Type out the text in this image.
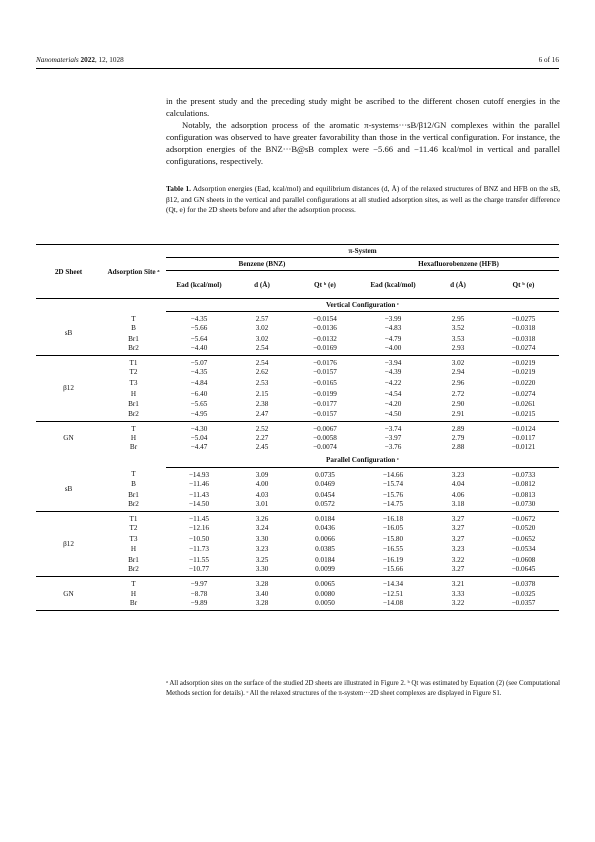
Nanomaterials 2022, 12, 1028	6 of 16

in the present study and the preceding study might be ascribed to the different chosen cutoff energies in the calculations.

Notably, the adsorption process of the aromatic π-systems···sB/β12/GN complexes within the parallel configuration was observed to have greater favorability than those in the vertical configuration. For instance, the adsorption energies of the BNZ···B@sB complex were −5.66 and −11.46 kcal/mol in vertical and parallel configurations, respectively.

Table 1. Adsorption energies (Ead, kcal/mol) and equilibrium distances (d, Å) of the relaxed structures of BNZ and HFB on the sB, β12, and GN sheets in the vertical and parallel configurations at all studied adsorption sites, as well as the charge transfer difference (Qt, e) for the 2D sheets before and after the adsorption process.
2D Sheet	Adsorption Site ᵃ	π-System					
		Benzene (BNZ)			Hexafluorobenzene (HFB)		
		Ead (kcal/mol)	d (Å)	Qt ᵇ (e)	Ead (kcal/mol)	d (Å)	Qt ᵇ (e)
		Vertical Configuration ᶜ					
sB	T	−4.35	2.57	−0.0154	−3.99	2.95	−0.0275
	B	−5.66	3.02	−0.0136	−4.83	3.52	−0.0318
	Br1	−5.64	3.02	−0.0132	−4.79	3.53	−0.0318
	Br2	−4.40	2.54	−0.0169	−4.00	2.93	−0.0274
β12	T1	−5.07	2.54	−0.0176	−3.94	3.02	−0.0219
	T2	−4.35	2.62	−0.0157	−4.39	2.94	−0.0219
	T3	−4.84	2.53	−0.0165	−4.22	2.96	−0.0220
	H	−6.40	2.15	−0.0199	−4.54	2.72	−0.0274
	Br1	−5.65	2.38	−0.0177	−4.20	2.90	−0.0261
	Br2	−4.95	2.47	−0.0157	−4.50	2.91	−0.0215
GN	T	−4.30	2.52	−0.0067	−3.74	2.89	−0.0124
	H	−5.04	2.27	−0.0058	−3.97	2.79	−0.0117
	Br	−4.47	2.45	−0.0074	−3.76	2.88	−0.0121
		Parallel Configuration ᶜ					
sB	T	−14.93	3.09	0.0735	−14.66	3.23	−0.0733
	B	−11.46	4.00	0.0469	−15.74	4.04	−0.0812
	Br1	−11.43	4.03	0.0454	−15.76	4.06	−0.0813
	Br2	−14.50	3.01	0.0572	−14.75	3.18	−0.0730
β12	T1	−11.45	3.26	0.0184	−16.18	3.27	−0.0672
	T2	−12.16	3.24	0.0436	−16.05	3.27	−0.0520
	T3	−10.50	3.30	0.0066	−15.80	3.27	−0.0652
	H	−11.73	3.23	0.0385	−16.55	3.23	−0.0534
	Br1	−11.55	3.25	0.0184	−16.19	3.22	−0.0608
	Br2	−10.77	3.30	0.0099	−15.66	3.27	−0.0645
GN	T	−9.97	3.28	0.0065	−14.34	3.21	−0.0378
	H	−8.78	3.40	0.0080	−12.51	3.33	−0.0325
	Br	−9.89	3.28	0.0050	−14.08	3.22	−0.0357
ᵃ All adsorption sites on the surface of the studied 2D sheets are illustrated in Figure 2. ᵇ Qt was estimated by Equation (2) (see Computational Methods section for details). ᶜ All the relaxed structures of the π-system···2D sheet complexes are displayed in Figure S1.
